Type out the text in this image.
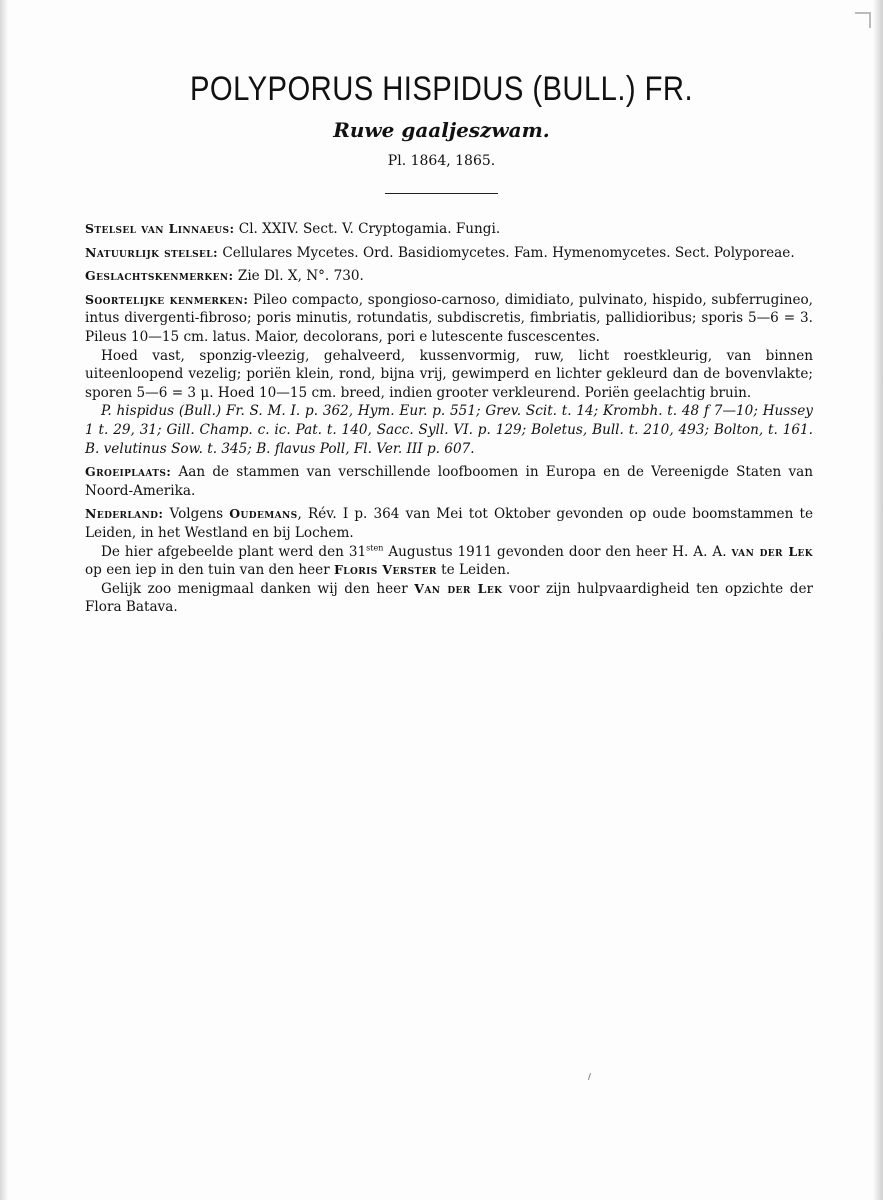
POLYPORUS HISPIDUS (BULL.) FR.
Ruwe gaaljeszwam.
Pl. 1864, 1865.

Stelsel van Linnaeus: Cl. XXIV. Sect. V. Cryptogamia. Fungi.

Natuurlijk stelsel: Cellulares Mycetes. Ord. Basidiomycetes. Fam. Hymenomycetes. Sect. Polyporeae.

Geslachtskenmerken: Zie Dl. X, N°. 730.

Soortelijke kenmerken: Pileo compacto, spongioso-carnoso, dimidiato, pulvinato, hispido, subferrugineo, intus divergenti-fibroso; poris minutis, rotundatis, subdiscretis, fimbriatis, pallidioribus; sporis 5—6 = 3. Pileus 10—15 cm. latus. Maior, decolorans, pori e lutescente fuscescentes.

Hoed vast, sponzig-vleezig, gehalveerd, kussenvormig, ruw, licht roestkleurig, van binnen uiteenloopend vezelig; poriën klein, rond, bijna vrij, gewimperd en lichter gekleurd dan de bovenvlakte; sporen 5—6 = 3 μ. Hoed 10—15 cm. breed, indien grooter verkleurend. Poriën geelachtig bruin.

P. hispidus (Bull.) Fr. S. M. I. p. 362, Hym. Eur. p. 551; Grev. Scit. t. 14; Krombh. t. 48 f 7—10; Hussey 1 t. 29, 31; Gill. Champ. c. ic. Pat. t. 140, Sacc. Syll. VI. p. 129; Boletus, Bull. t. 210, 493; Bolton, t. 161. B. velutinus Sow. t. 345; B. flavus Poll, Fl. Ver. III p. 607.

Groeiplaats: Aan de stammen van verschillende loofboomen in Europa en de Vereenigde Staten van Noord-Amerika.

Nederland: Volgens Oudemans, Rév. I p. 364 van Mei tot Oktober gevonden op oude boomstammen te Leiden, in het Westland en bij Lochem.

De hier afgebeelde plant werd den $31^{sten}$ Augustus 1911 gevonden door den heer H. A. A. van der Lek op een iep in den tuin van den heer Floris Verster te Leiden.

Gelijk zoo menigmaal danken wij den heer Van der Lek voor zijn hulpvaardigheid ten opzichte der Flora Batava.
